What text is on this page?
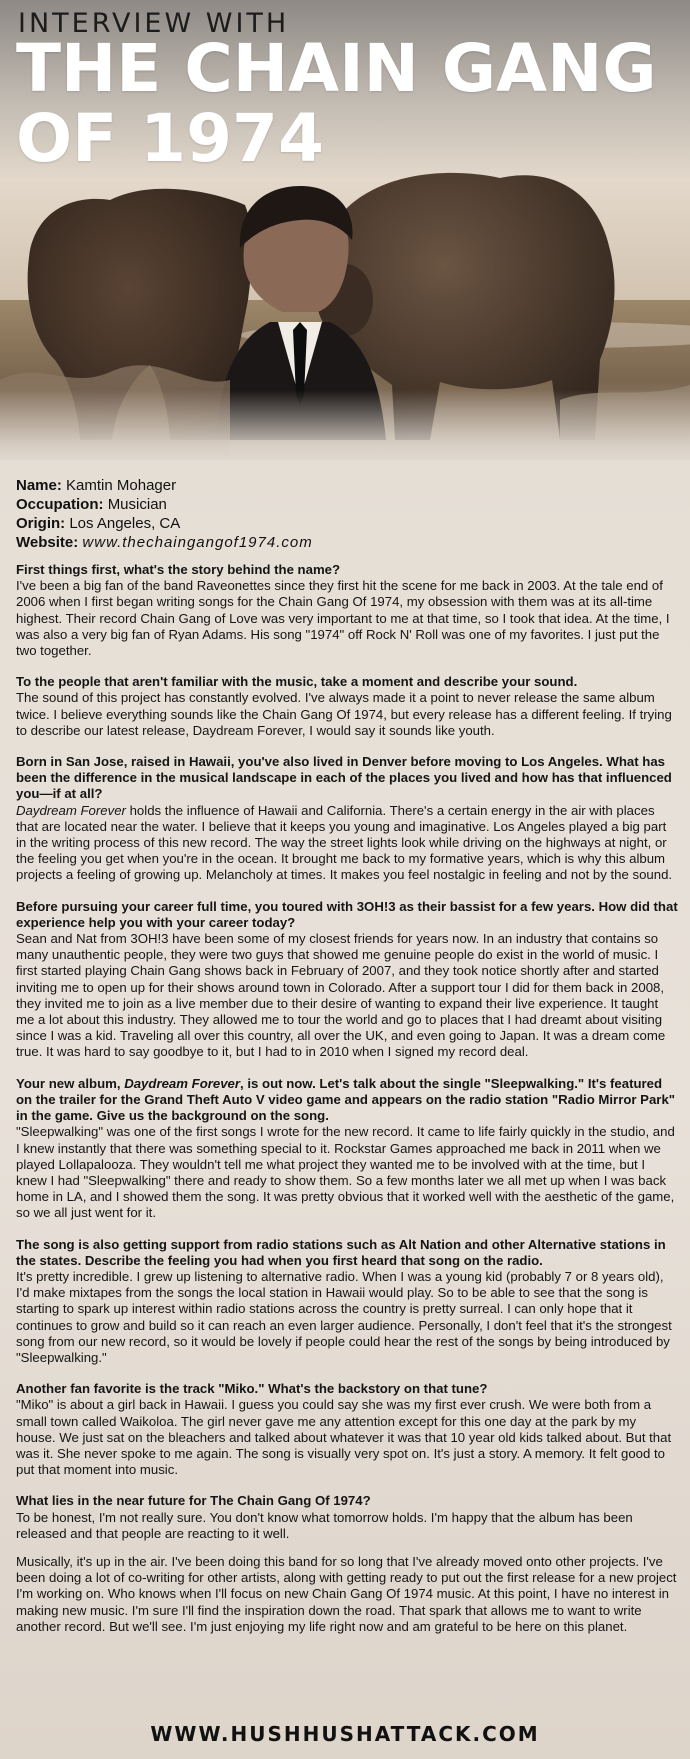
INTERVIEW WITH
THE CHAIN GANG
OF 1974
Name: Kamtin Mohager
Occupation: Musician
Origin: Los Angeles, CA
Website: www.thechaingangof1974.com
First things first, what's the story behind the name?
I've been a big fan of the band Raveonettes since they first hit the scene for me back in 2003. At the tale end of 2006 when I first began writing songs for the Chain Gang Of 1974, my obsession with them was at its all-time highest. Their record Chain Gang of Love was very important to me at that time, so I took that idea. At the time, I was also a very big fan of Ryan Adams. His song "1974" off Rock N' Roll was one of my favorites. I just put the two together.
To the people that aren't familiar with the music, take a moment and describe your sound.
The sound of this project has constantly evolved. I've always made it a point to never release the same album twice. I believe everything sounds like the Chain Gang Of 1974, but every release has a different feeling. If trying to describe our latest release, Daydream Forever, I would say it sounds like youth.
Born in San Jose, raised in Hawaii, you've also lived in Denver before moving to Los Angeles. What has been the difference in the musical landscape in each of the places you lived and how has that influenced you—if at all?
Daydream Forever holds the influence of Hawaii and California. There's a certain energy in the air with places that are located near the water. I believe that it keeps you young and imaginative. Los Angeles played a big part in the writing process of this new record. The way the street lights look while driving on the highways at night, or the feeling you get when you're in the ocean. It brought me back to my formative years, which is why this album projects a feeling of growing up. Melancholy at times. It makes you feel nostalgic in feeling and not by the sound.
Before pursuing your career full time, you toured with 3OH!3 as their bassist for a few years. How did that experience help you with your career today?
Sean and Nat from 3OH!3 have been some of my closest friends for years now. In an industry that contains so many unauthentic people, they were two guys that showed me genuine people do exist in the world of music. I first started playing Chain Gang shows back in February of 2007, and they took notice shortly after and started inviting me to open up for their shows around town in Colorado. After a support tour I did for them back in 2008, they invited me to join as a live member due to their desire of wanting to expand their live experience. It taught me a lot about this industry. They allowed me to tour the world and go to places that I had dreamt about visiting since I was a kid. Traveling all over this country, all over the UK, and even going to Japan. It was a dream come true. It was hard to say goodbye to it, but I had to in 2010 when I signed my record deal.
Your new album, Daydream Forever, is out now. Let's talk about the single "Sleepwalking." It's featured on the trailer for the Grand Theft Auto V video game and appears on the radio station "Radio Mirror Park" in the game. Give us the background on the song.
"Sleepwalking" was one of the first songs I wrote for the new record. It came to life fairly quickly in the studio, and I knew instantly that there was something special to it. Rockstar Games approached me back in 2011 when we played Lollapalooza. They wouldn't tell me what project they wanted me to be involved with at the time, but I knew I had "Sleepwalking" there and ready to show them. So a few months later we all met up when I was back home in LA, and I showed them the song. It was pretty obvious that it worked well with the aesthetic of the game, so we all just went for it.
The song is also getting support from radio stations such as Alt Nation and other Alternative stations in the states. Describe the feeling you had when you first heard that song on the radio.
It's pretty incredible. I grew up listening to alternative radio. When I was a young kid (probably 7 or 8 years old), I'd make mixtapes from the songs the local station in Hawaii would play. So to be able to see that the song is starting to spark up interest within radio stations across the country is pretty surreal. I can only hope that it continues to grow and build so it can reach an even larger audience. Personally, I don't feel that it's the strongest song from our new record, so it would be lovely if people could hear the rest of the songs by being introduced by "Sleepwalking."
Another fan favorite is the track "Miko." What's the backstory on that tune?
"Miko" is about a girl back in Hawaii. I guess you could say she was my first ever crush. We were both from a small town called Waikoloa. The girl never gave me any attention except for this one day at the park by my house. We just sat on the bleachers and talked about whatever it was that 10 year old kids talked about. But that was it. She never spoke to me again. The song is visually very spot on. It's just a story. A memory. It felt good to put that moment into music.
What lies in the near future for The Chain Gang Of 1974?
To be honest, I'm not really sure. You don't know what tomorrow holds. I'm happy that the album has been released and that people are reacting to it well.
Musically, it's up in the air. I've been doing this band for so long that I've already moved onto other projects. I've been doing a lot of co-writing for other artists, along with getting ready to put out the first release for a new project I'm working on. Who knows when I'll focus on new Chain Gang Of 1974 music. At this point, I have no interest in making new music. I'm sure I'll find the inspiration down the road. That spark that allows me to want to write another record. But we'll see. I'm just enjoying my life right now and am grateful to be here on this planet.
WWW.HUSHHUSHATTACK.COM
